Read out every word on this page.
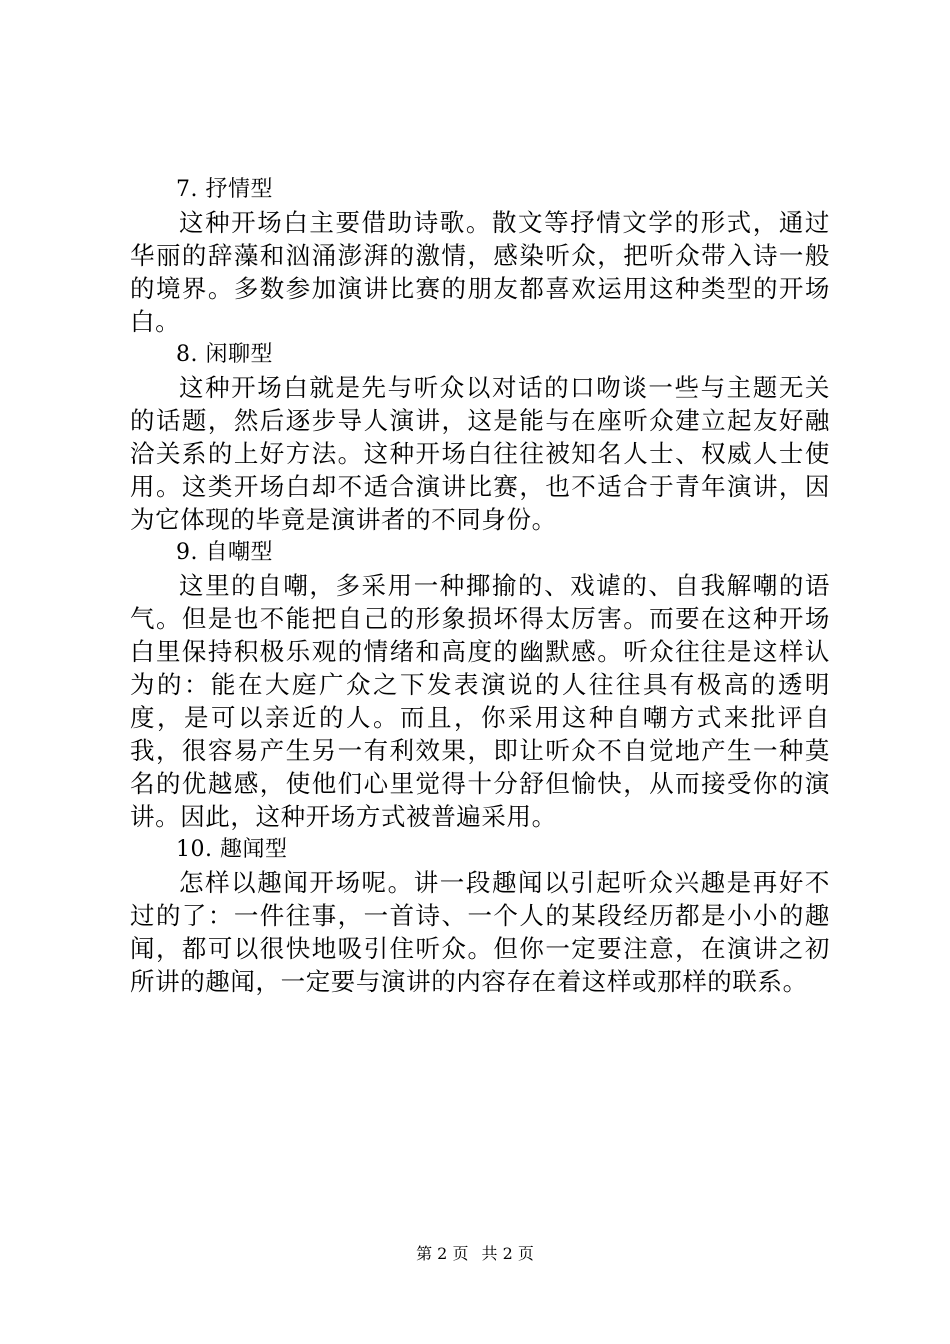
7. 抒情型

这种开场白主要借助诗歌。散文等抒情文学的形式，通过华丽的辞藻和汹涌澎湃的激情，感染听众，把听众带入诗一般的境界。多数参加演讲比赛的朋友都喜欢运用这种类型的开场白。

8. 闲聊型

这种开场白就是先与听众以对话的口吻谈一些与主题无关的话题，然后逐步导人演讲，这是能与在座听众建立起友好融洽关系的上好方法。这种开场白往往被知名人士、权威人士使用。这类开场白却不适合演讲比赛，也不适合于青年演讲，因为它体现的毕竟是演讲者的不同身份。

9. 自嘲型

这里的自嘲，多采用一种揶揄的、戏谑的、自我解嘲的语气。但是也不能把自己的形象损坏得太厉害。而要在这种开场白里保持积极乐观的情绪和高度的幽默感。听众往往是这样认为的：能在大庭广众之下发表演说的人往往具有极高的透明度，是可以亲近的人。而且，你采用这种自嘲方式来批评自我，很容易产生另一有利效果，即让听众不自觉地产生一种莫名的优越感，使他们心里觉得十分舒但愉快，从而接受你的演讲。因此，这种开场方式被普遍采用。

10. 趣闻型

怎样以趣闻开场呢。讲一段趣闻以引起听众兴趣是再好不过的了：一件往事，一首诗、一个人的某段经历都是小小的趣闻，都可以很快地吸引住听众。但你一定要注意，在演讲之初所讲的趣闻，一定要与演讲的内容存在着这样或那样的联系。

第 2 页 共 2 页
